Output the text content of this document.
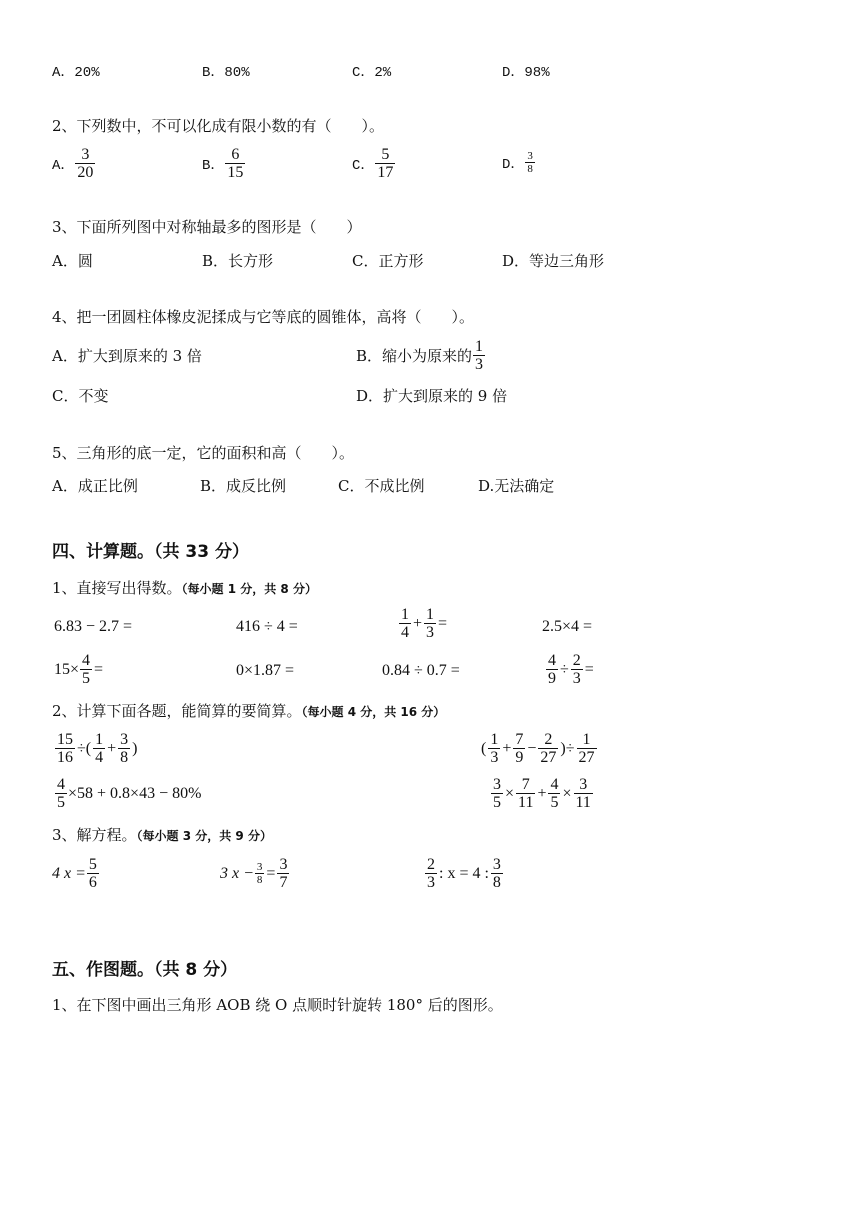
A．20%	B．80%	C．2%	D．98%
2、下列数中，不可以化成有限小数的有（　　）。
A． $\frac{3}{20}$	B． $\frac{6}{15}$	C． $\frac{5}{17}$	D． $\frac{3}{8}$
3、下面所列图中对称轴最多的图形是（　　）
A．圆	B．长方形	C．正方形	D．等边三角形
4、把一团圆柱体橡皮泥揉成与它等底的圆锥体，高将（　　）。
A．扩大到原来的 3 倍	B．缩小为原来的 $\frac{1}{3}$
C．不变	D．扩大到原来的 9 倍
5、三角形的底一定，它的面积和高（　　）。
A．成正比例	B．成反比例	C．不成比例	D.无法确定
四、计算题。（共 33 分）
1、直接写出得数。（每小题 1 分，共 8 分）
6.83 − 2.7 =	416 ÷ 4 =	$\frac{1}{4} + \frac{1}{3}$ =	2.5×4 =
$15\times \frac{4}{5}$ =	0×1.87 =	0.84 ÷ 0.7 =	$\frac{4}{9} \div \frac{2}{3}$ =
2、计算下面各题，能简算的要简算。（每小题 4 分，共 16 分）
$\frac{15}{16}$ ÷( $\frac{1}{4} + \frac{3}{8}$ )	( $\frac{1}{3} + \frac{7}{9} - \frac{2}{27}$ )÷ $\frac{1}{27}$
$\frac{4}{5} \times 58 + 0.8\times 43 - 80\%$	$\frac{3}{5} \times \frac{7}{11} + \frac{4}{5} \times \frac{3}{11}$
3、解方程。（每小题 3 分，共 9 分）
4 $x = \frac{5}{6}$	3 $x - \frac{3}{8} = \frac{3}{7}$	$\frac{2}{3}$ : x = 4 : $\frac{3}{8}$
五、作图题。（共 8 分）
1、在下图中画出三角形 AOB 绕 O 点顺时针旋转 180° 后的图形。
